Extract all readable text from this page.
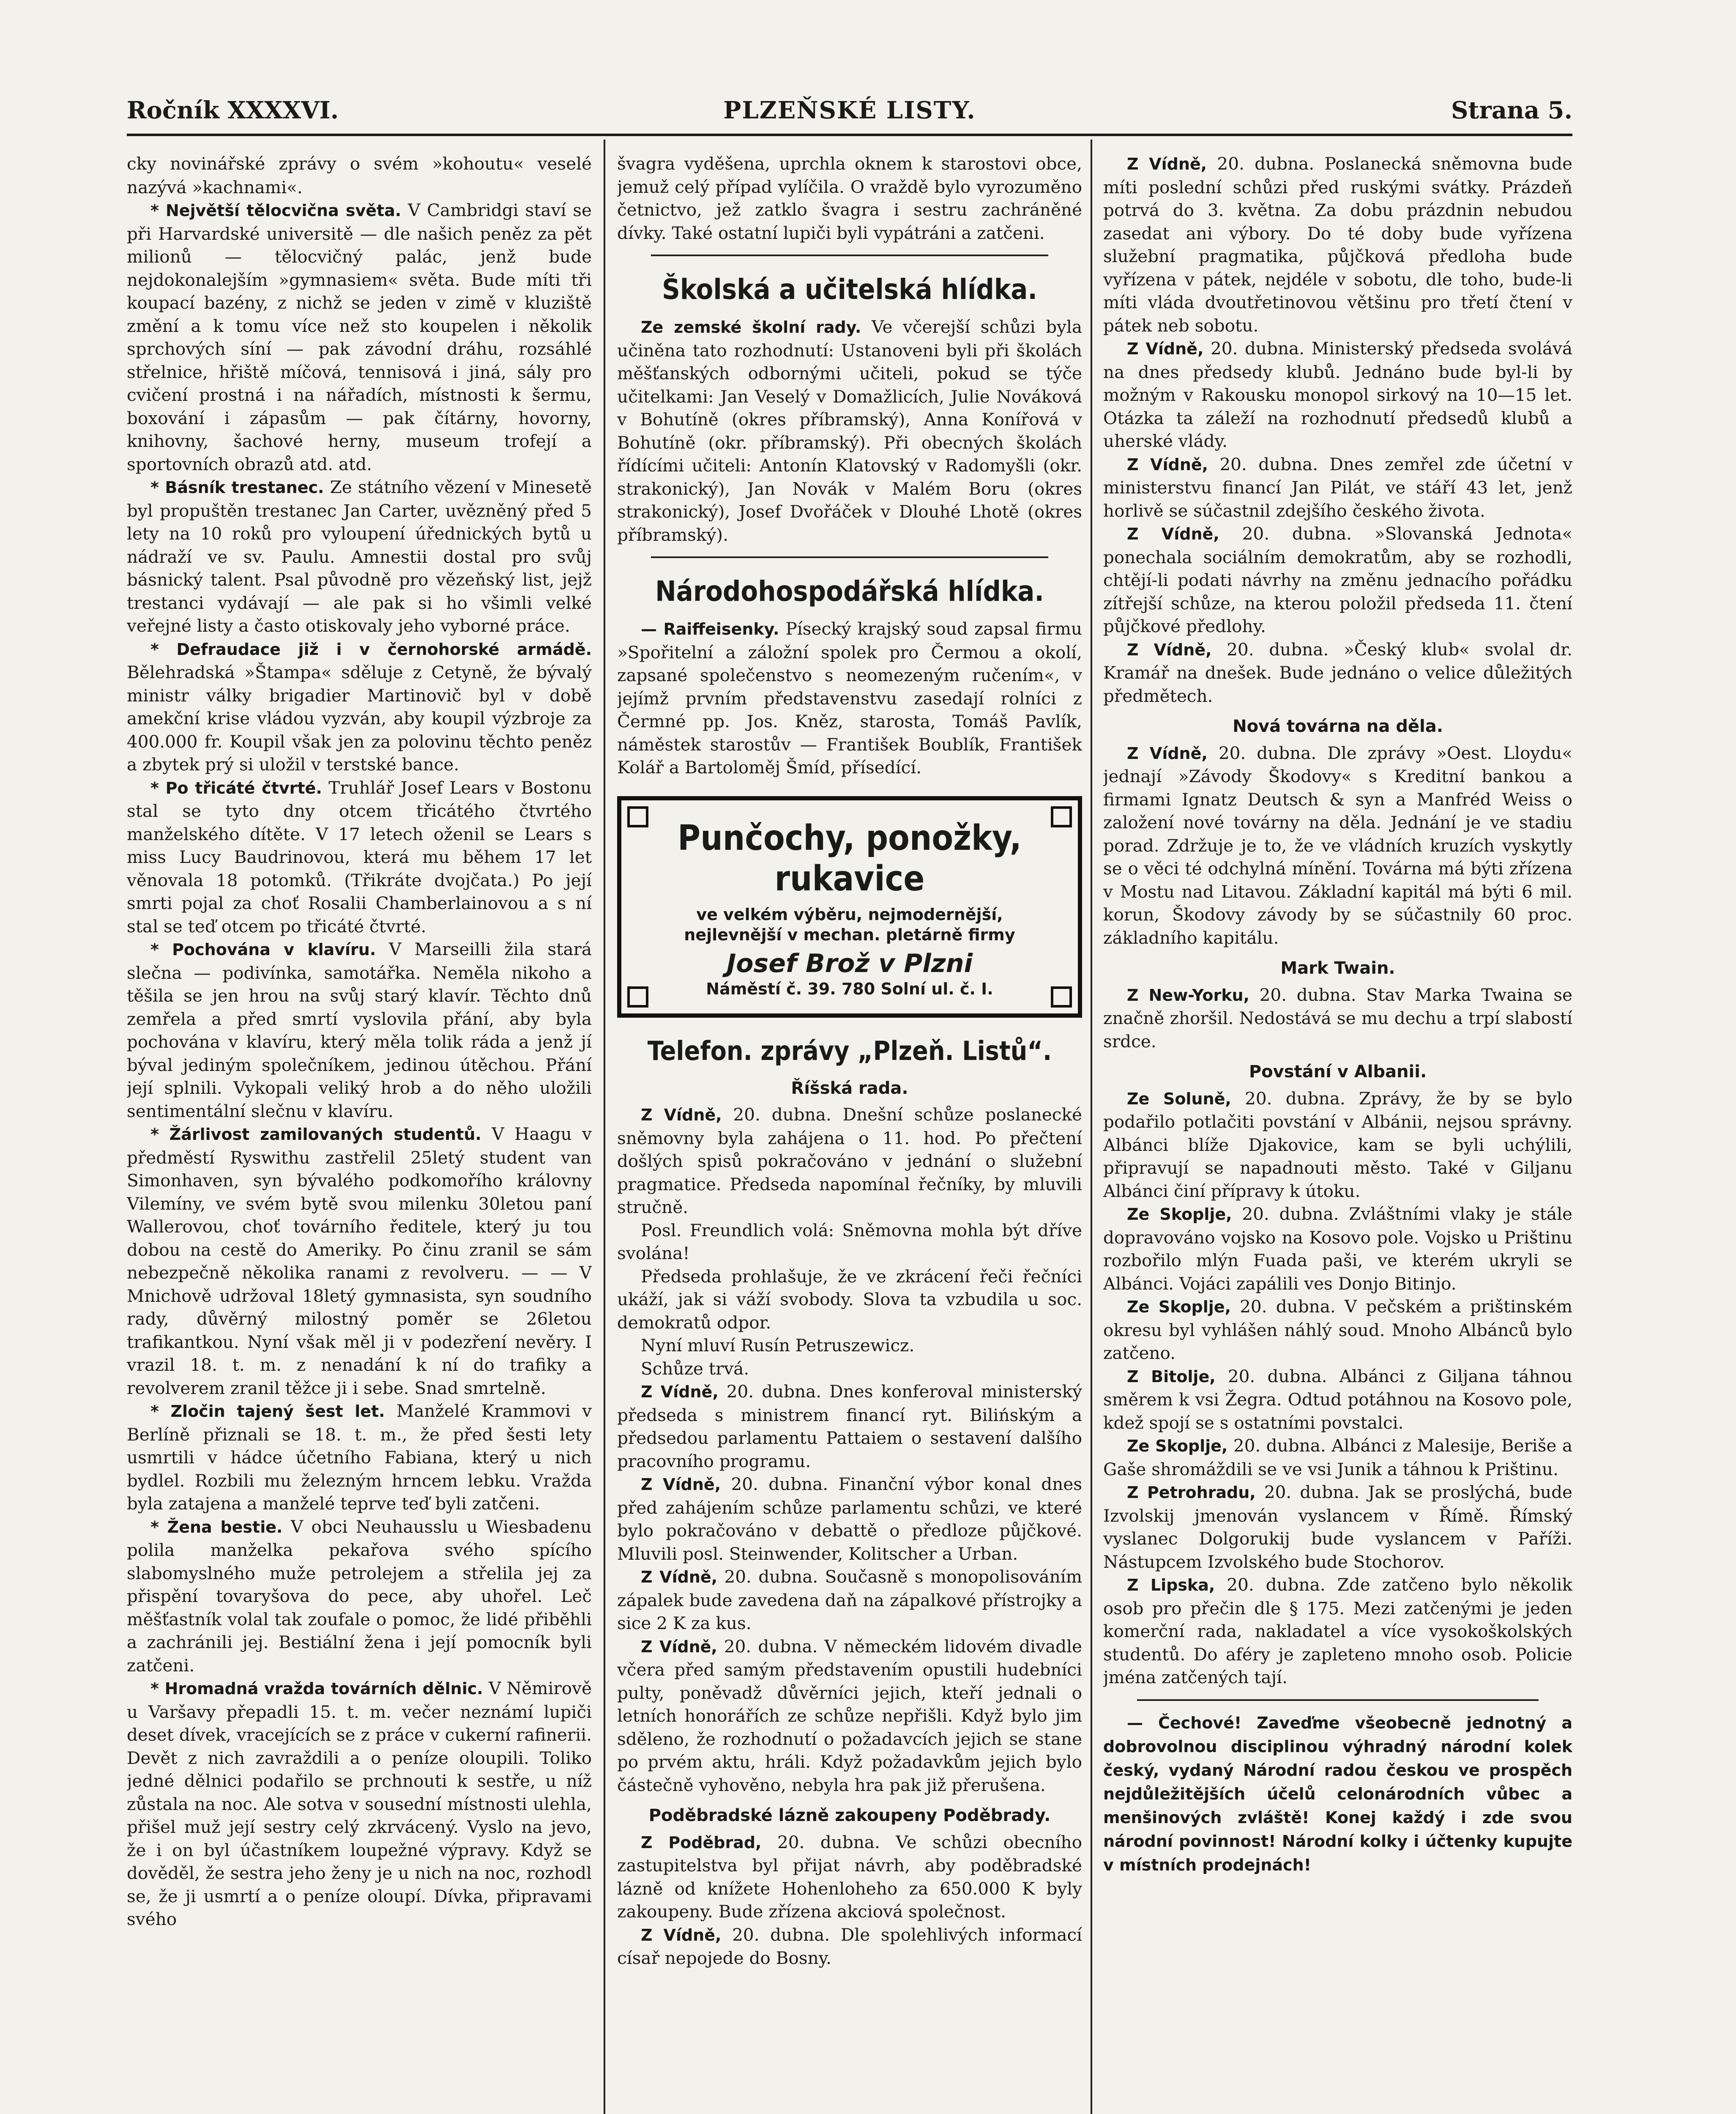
Ročník XXXXVI.	PLZEŇSKÉ LISTY.	Strana 5.

cky novinářské zprávy o svém »kohoutu« veselé nazývá »kachnami«.

* Největší tělocvična světa. V Cambridgi staví se při Harvardské universitě — dle našich peněz za pět milionů — tělocvičný palác, jenž bude nejdokonalejším »gymnasiem« světa. Bude míti tři koupací bazény, z nichž se jeden v zimě v kluziště změní a k tomu více než sto koupelen i několik sprchových síní — pak závodní dráhu, rozsáhlé střelnice, hřiště míčová, tennisová i jiná, sály pro cvičení prostná i na nářadích, místnosti k šermu, boxování i zápasům — pak čítárny, hovorny, knihovny, šachové herny, museum trofejí a sportovních obrazů atd. atd.

* Básník trestanec. Ze státního vězení v Minesetě byl propuštěn trestanec Jan Carter, uvězněný před 5 lety na 10 roků pro vyloupení úřednických bytů u nádraží ve sv. Paulu. Amnestii dostal pro svůj básnický talent. Psal původně pro vězeňský list, jejž trestanci vydávají — ale pak si ho všimli velké veřejné listy a často otiskovaly jeho vyborné práce.

* Defraudace již i v černohorské armádě. Bělehradská »Štampa« sděluje z Cetyně, že bývalý ministr války brigadier Martinovič byl v době amekční krise vládou vyzván, aby koupil výzbroje za 400.000 fr. Koupil však jen za polovinu těchto peněz a zbytek prý si uložil v terstské bance.

* Po třicáté čtvrté. Truhlář Josef Lears v Bostonu stal se tyto dny otcem třicátého čtvrtého manželského dítěte. V 17 letech oženil se Lears s miss Lucy Baudrinovou, která mu během 17 let věnovala 18 potomků. (Třikráte dvojčata.) Po její smrti pojal za choť Rosalii Chamberlainovou a s ní stal se teď otcem po třicáté čtvrté.

* Pochována v klavíru. V Marseilli žila stará slečna — podivínka, samotářka. Neměla nikoho a těšila se jen hrou na svůj starý klavír. Těchto dnů zemřela a před smrtí vyslovila přání, aby byla pochována v klavíru, který měla tolik ráda a jenž jí býval jediným společníkem, jedinou útěchou. Přání její splnili. Vykopali veliký hrob a do něho uložili sentimentální slečnu v klavíru.

* Žárlivost zamilovaných studentů. V Haagu v předměstí Ryswithu zastřelil 25letý student van Simonhaven, syn bývalého podkomořího královny Vilemíny, ve svém bytě svou milenku 30letou paní Wallerovou, choť továrního ředitele, který ju tou dobou na cestě do Ameriky. Po činu zranil se sám nebezpečně několika ranami z revolveru. — — V Mnichově udržoval 18letý gymnasista, syn soudního rady, důvěrný milostný poměr se 26letou trafikantkou. Nyní však měl ji v podezření nevěry. I vrazil 18. t. m. z nenadání k ní do trafiky a revolverem zranil těžce ji i sebe. Snad smrtelně.

* Zločin tajený šest let. Manželé Krammovi v Berlíně přiznali se 18. t. m., že před šesti lety usmrtili v hádce účetního Fabiana, který u nich bydlel. Rozbili mu železným hrncem lebku. Vražda byla zatajena a manželé teprve teď byli zatčeni.

* Žena bestie. V obci Neuhausslu u Wiesbadenu polila manželka pekařova svého spícího slabomyslného muže petrolejem a střelila jej za přispění tovaryšova do pece, aby uhořel. Leč měšťastník volal tak zoufale o pomoc, že lidé přiběhli a zachránili jej. Bestiální žena i její pomocník byli zatčeni.

* Hromadná vražda továrních dělnic. V Němirově u Varšavy přepadli 15. t. m. večer neznámí lupiči deset dívek, vracejících se z práce v cukerní rafinerii. Devět z nich zavraždili a o peníze oloupili. Toliko jedné dělnici podařilo se prchnouti k sestře, u níž zůstala na noc. Ale sotva v sousední místnosti ulehla, přišel muž její sestry celý zkrvácený. Vyslo na jevo, že i on byl účastníkem loupežné výpravy. Když se dověděl, že sestra jeho ženy je u nich na noc, rozhodl se, že ji usmrtí a o peníze oloupí. Dívka, připravami svého

švagra vyděšena, uprchla oknem k starostovi obce, jemuž celý případ vylíčila. O vraždě bylo vyrozuměno četnictvo, jež zatklo švagra i sestru zachráněné dívky. Také ostatní lupiči byli vypátráni a zatčeni.

Školská a učitelská hlídka.

Ze zemské školní rady. Ve včerejší schůzi byla učiněna tato rozhodnutí: Ustanoveni byli při školách měšťanských odbornými učiteli, pokud se týče učitelkami: Jan Veselý v Domažlicích, Julie Nováková v Bohutíně (okres příbramský), Anna Konířová v Bohutíně (okr. příbramský). Při obecných školách řídícími učiteli: Antonín Klatovský v Radomyšli (okr. strakonický), Jan Novák v Malém Boru (okres strakonický), Josef Dvořáček v Dlouhé Lhotě (okres příbramský).

Národohospodářská hlídka.

— Raiffeisenky. Písecký krajský soud zapsal firmu »Spořitelní a záložní spolek pro Čermou a okolí, zapsané společenstvo s neomezeným ručením«, v jejímž prvním představenstvu zasedají rolníci z Čermné pp. Jos. Kněz, starosta, Tomáš Pavlík, náměstek starostův — František Boublík, František Kolář a Bartoloměj Šmíd, přísedící.

Punčochy, ponožky,
rukavice
ve velkém výběru, nejmodernější, nejlevnější v mechan. pletárně firmy
Josef Brož v Plzni
Náměstí č. 39. 780 Solní ul. č. I.
Telefon. zprávy „Plzeň. Listů“.
Říšská rada.

Z Vídně, 20. dubna. Dnešní schůze poslanecké sněmovny byla zahájena o 11. hod. Po přečtení došlých spisů pokračováno v jednání o služební pragmatice. Předseda napomínal řečníky, by mluvili stručně.

Posl. Freundlich volá: Sněmovna mohla být dříve svolána!

Předseda prohlašuje, že ve zkrácení řeči řečníci ukáží, jak si váží svobody. Slova ta vzbudila u soc. demokratů odpor.

Nyní mluví Rusín Petruszewicz.

Schůze trvá.

Z Vídně, 20. dubna. Dnes konferoval ministerský předseda s ministrem financí ryt. Bilińským a předsedou parlamentu Pattaiem o sestavení dalšího pracovního programu.

Z Vídně, 20. dubna. Finanční výbor konal dnes před zahájením schůze parlamentu schůzi, ve které bylo pokračováno v debattě o předloze půjčkové. Mluvili posl. Steinwender, Kolitscher a Urban.

Z Vídně, 20. dubna. Současně s monopolisováním zápalek bude zavedena daň na zápalkové přístrojky a sice 2 K za kus.

Z Vídně, 20. dubna. V německém lidovém divadle včera před samým představením opustili hudebníci pulty, poněvadž důvěrníci jejich, kteří jednali o letních honorářích ze schůze nepřišli. Když bylo jim sděleno, že rozhodnutí o požadavcích jejich se stane po prvém aktu, hráli. Když požadavkům jejich bylo částečně vyhověno, nebyla hra pak již přerušena.

Poděbradské lázně zakoupeny Poděbrady.

Z Poděbrad, 20. dubna. Ve schůzi obecního zastupitelstva byl přijat návrh, aby poděbradské lázně od knížete Hohenloheho za 650.000 K byly zakoupeny. Bude zřízena akciová společnost.

Z Vídně, 20. dubna. Dle spolehlivých informací císař nepojede do Bosny.

Z Vídně, 20. dubna. Poslanecká sněmovna bude míti poslední schůzi před ruskými svátky. Prázdeň potrvá do 3. května. Za dobu prázdnin nebudou zasedat ani výbory. Do té doby bude vyřízena služební pragmatika, půjčková předloha bude vyřízena v pátek, nejdéle v sobotu, dle toho, bude-li míti vláda dvoutřetinovou většinu pro třetí čtení v pátek neb sobotu.

Z Vídně, 20. dubna. Ministerský předseda svolává na dnes předsedy klubů. Jednáno bude byl-li by možným v Rakousku monopol sirkový na 10—15 let. Otázka ta záleží na rozhodnutí předsedů klubů a uherské vlády.

Z Vídně, 20. dubna. Dnes zemřel zde účetní v ministerstvu financí Jan Pilát, ve stáří 43 let, jenž horlivě se súčastnil zdejšího českého života.

Z Vídně, 20. dubna. »Slovanská Jednota« ponechala sociálním demokratům, aby se rozhodli, chtějí-li podati návrhy na změnu jednacího pořádku zítřejší schůze, na kterou položil předseda 11. čtení půjčkové předlohy.

Z Vídně, 20. dubna. »Český klub« svolal dr. Kramář na dnešek. Bude jednáno o velice důležitých předmětech.

Nová továrna na děla.

Z Vídně, 20. dubna. Dle zprávy »Oest. Lloydu« jednají »Závody Škodovy« s Kreditní bankou a firmami Ignatz Deutsch & syn a Manfréd Weiss o založení nové továrny na děla. Jednání je ve stadiu porad. Zdržuje je to, že ve vládních kruzích vyskytly se o věci té odchylná mínění. Továrna má býti zřízena v Mostu nad Litavou. Základní kapitál má býti 6 mil. korun, Škodovy závody by se súčastnily 60 proc. základního kapitálu.

Mark Twain.

Z New-Yorku, 20. dubna. Stav Marka Twaina se značně zhoršil. Nedostává se mu dechu a trpí slabostí srdce.

Povstání v Albanii.

Ze Soluně, 20. dubna. Zprávy, že by se bylo podařilo potlačiti povstání v Albánii, nejsou správny. Albánci blíže Djakovice, kam se byli uchýlili, připravují se napadnouti město. Také v Giljanu Albánci činí přípravy k útoku.

Ze Skoplje, 20. dubna. Zvláštními vlaky je stále dopravováno vojsko na Kosovo pole. Vojsko u Prištinu rozbořilo mlýn Fuada paši, ve kterém ukryli se Albánci. Vojáci zapálili ves Donjo Bitinjo.

Ze Skoplje, 20. dubna. V pečském a prištinském okresu byl vyhlášen náhlý soud. Mnoho Albánců bylo zatčeno.

Z Bitolje, 20. dubna. Albánci z Giljana táhnou směrem k vsi Žegra. Odtud potáhnou na Kosovo pole, kdež spojí se s ostatními povstalci.

Ze Skoplje, 20. dubna. Albánci z Malesije, Beriše a Gaše shromáždili se ve vsi Junik a táhnou k Prištinu.

Z Petrohradu, 20. dubna. Jak se proslýchá, bude Izvolskij jmenován vyslancem v Římě. Římský vyslanec Dolgorukij bude vyslancem v Paříži. Nástupcem Izvolského bude Stochorov.

Z Lipska, 20. dubna. Zde zatčeno bylo několik osob pro přečin dle § 175. Mezi zatčenými je jeden komerční rada, nakladatel a více vysokoškolských studentů. Do aféry je zapleteno mnoho osob. Policie jména zatčených tají.

— Čechové! Zaveďme všeobecně jednotný a dobrovolnou disciplinou výhradný národní kolek český, vydaný Národní radou českou ve prospěch nejdůležitějších účelů celonárodních vůbec a menšinových zvláště! Konej každý i zde svou národní povinnost! Národní kolky i účtenky kupujte v místních prodejnách!
